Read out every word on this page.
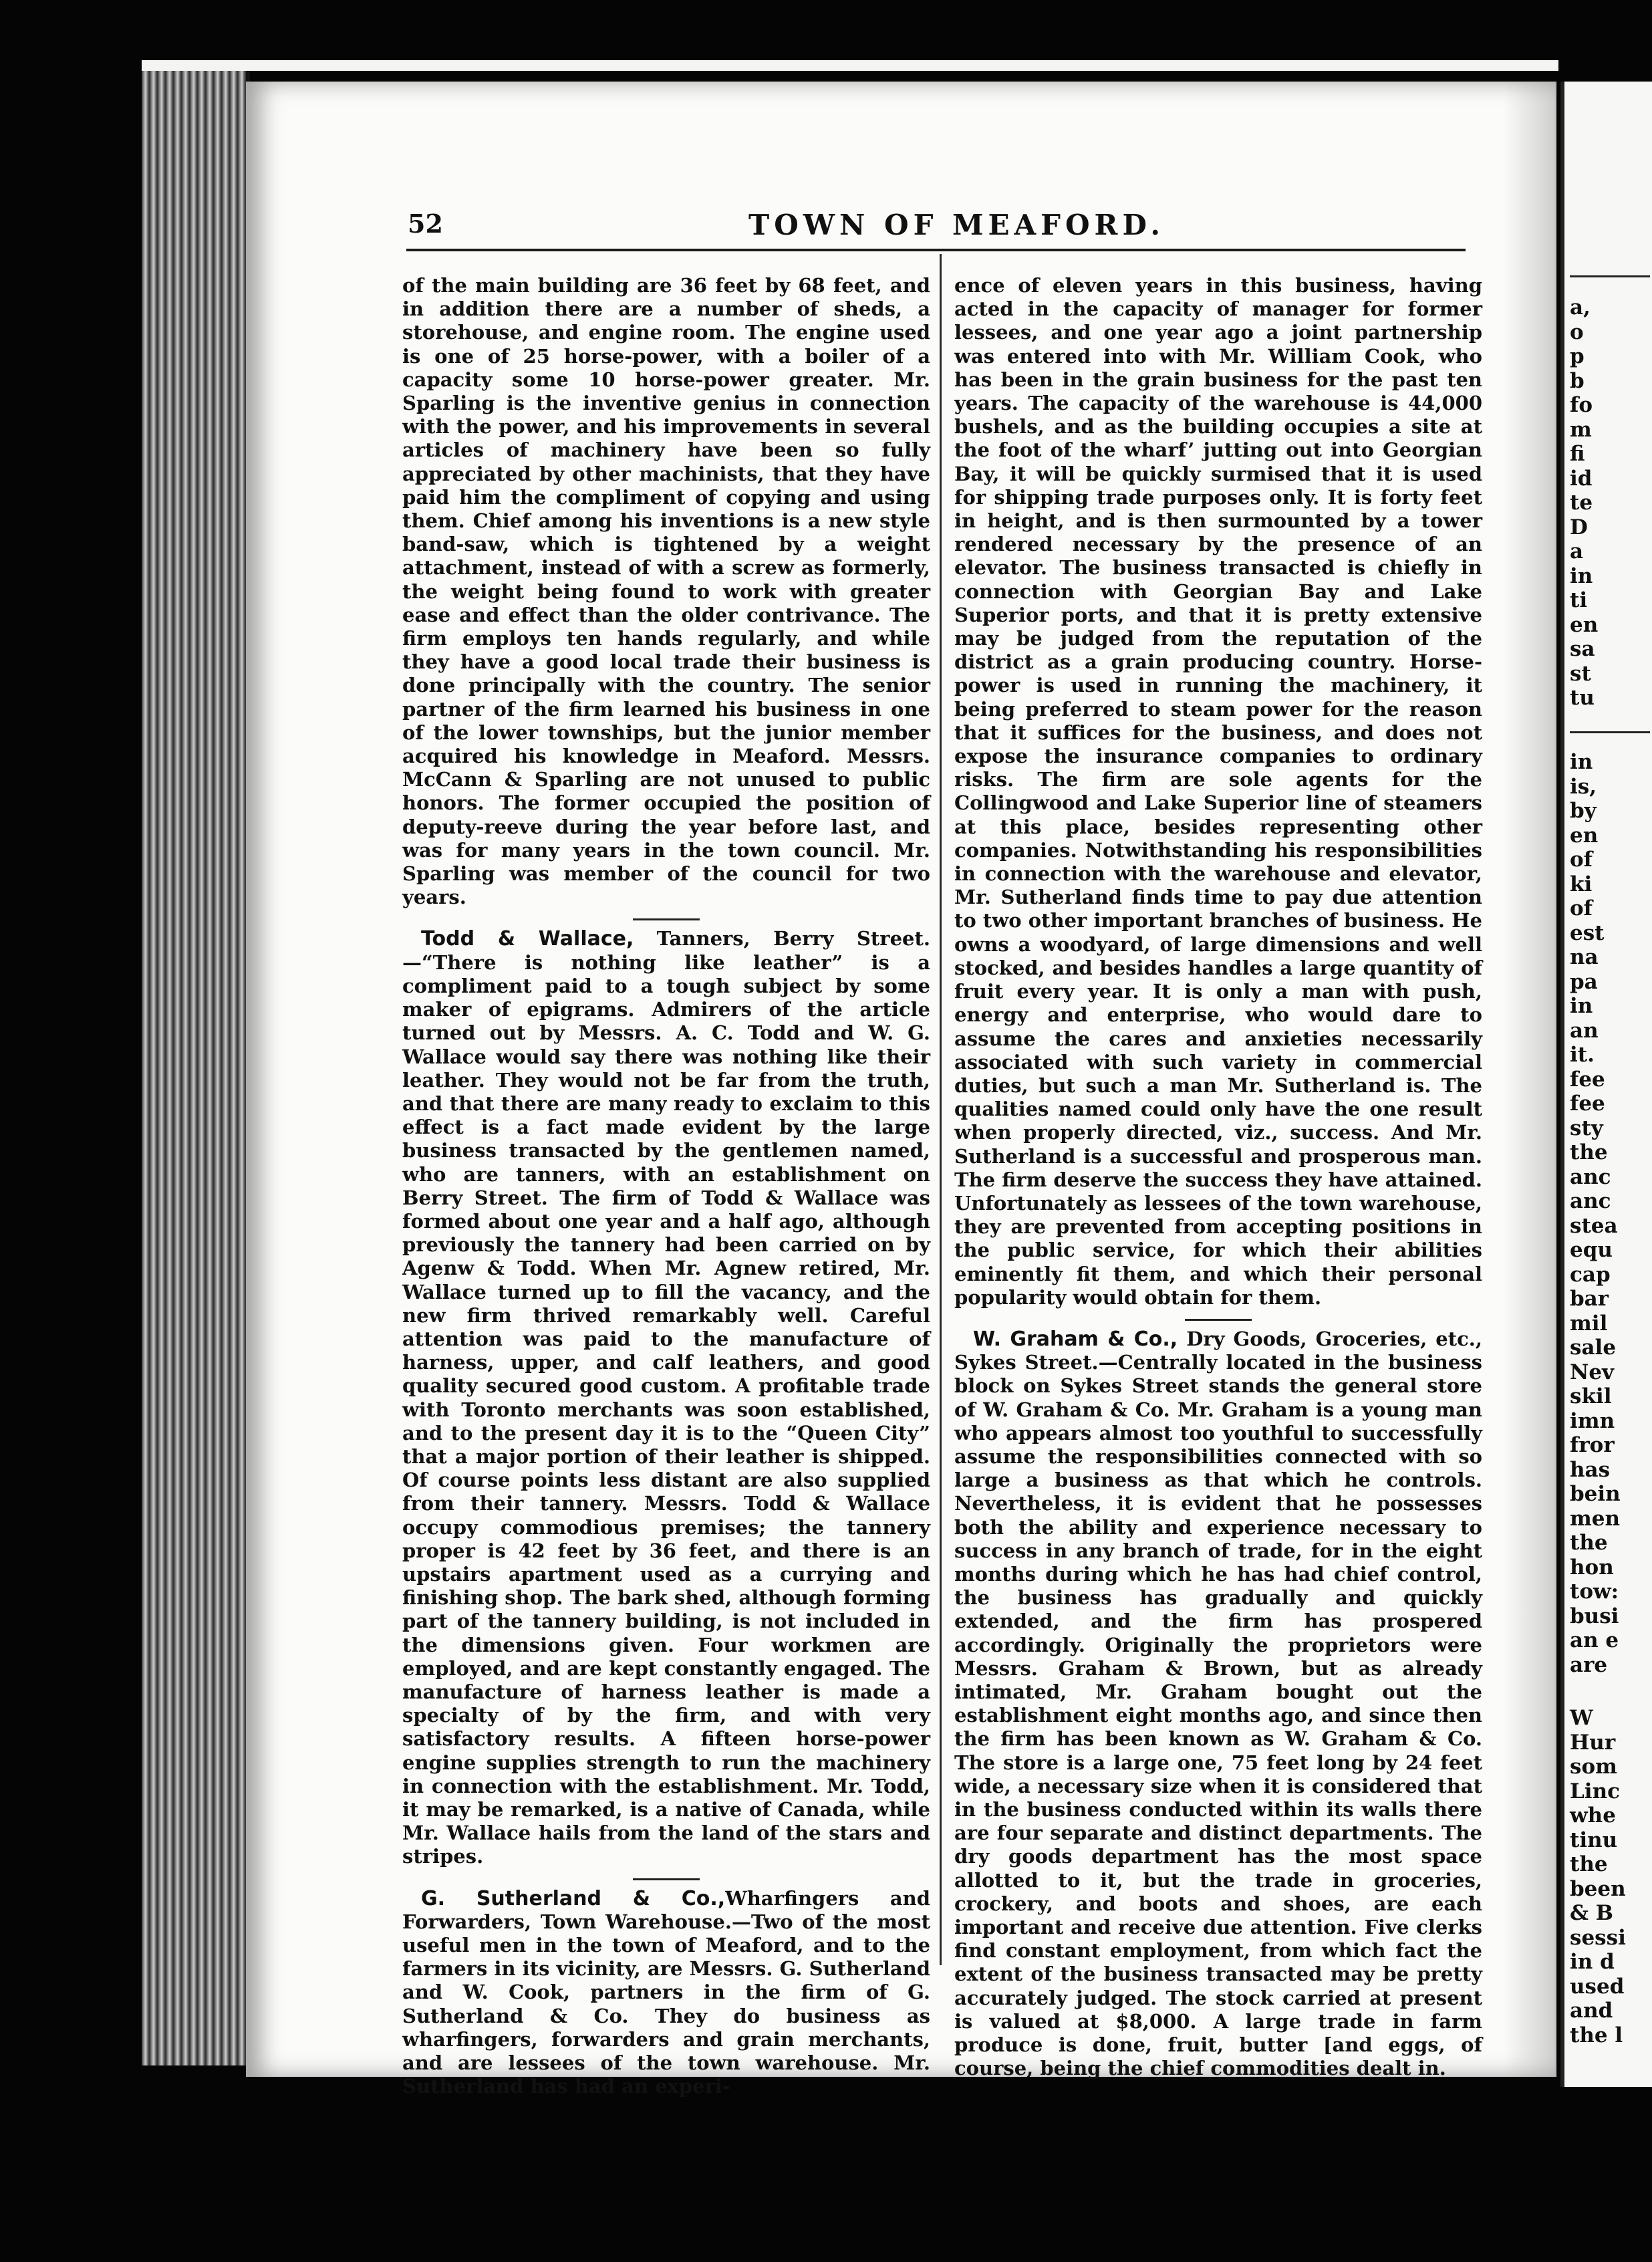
52	TOWN OF MEAFORD.

of the main building are 36 feet by 68 feet, and in addition there are a number of sheds, a storehouse, and engine room. The engine used is one of 25 horse-power, with a boiler of a capacity some 10 horse-power greater. Mr. Sparling is the inventive genius in connection with the power, and his improvements in several articles of machinery have been so fully appreciated by other machinists, that they have paid him the compliment of copying and using them. Chief among his inventions is a new style band-saw, which is tightened by a weight attachment, instead of with a screw as formerly, the weight being found to work with greater ease and effect than the older contrivance. The firm employs ten hands regularly, and while they have a good local trade their business is done principally with the country. The senior partner of the firm learned his business in one of the lower townships, but the junior member acquired his knowledge in Meaford. Messrs. McCann & Sparling are not unused to public honors. The former occupied the position of deputy-reeve during the year before last, and was for many years in the town council. Mr. Sparling was member of the council for two years.

Todd & Wallace, Tanners, Berry Street.—“There is nothing like leather” is a compliment paid to a tough subject by some maker of epigrams. Admirers of the article turned out by Messrs. A. C. Todd and W. G. Wallace would say there was nothing like their leather. They would not be far from the truth, and that there are many ready to exclaim to this effect is a fact made evident by the large business transacted by the gentlemen named, who are tanners, with an establishment on Berry Street. The firm of Todd & Wallace was formed about one year and a half ago, although previously the tannery had been carried on by Agenw & Todd. When Mr. Agnew retired, Mr. Wallace turned up to fill the vacancy, and the new firm thrived remarkably well. Careful attention was paid to the manufacture of harness, upper, and calf leathers, and good quality secured good custom. A profitable trade with Toronto merchants was soon established, and to the present day it is to the “Queen City” that a major portion of their leather is shipped. Of course points less distant are also supplied from their tannery. Messrs. Todd & Wallace occupy commodious premises; the tannery proper is 42 feet by 36 feet, and there is an upstairs apartment used as a currying and finishing shop. The bark shed, although forming part of the tannery building, is not included in the dimensions given. Four workmen are employed, and are kept constantly engaged. The manufacture of harness leather is made a specialty of by the firm, and with very satisfactory results. A fifteen horse-power engine supplies strength to run the machinery in connection with the establishment. Mr. Todd, it may be remarked, is a native of Canada, while Mr. Wallace hails from the land of the stars and stripes.

G. Sutherland & Co.,Wharfingers and Forwarders, Town Warehouse.—Two of the most useful men in the town of Meaford, and to the farmers in its vicinity, are Messrs. G. Sutherland and W. Cook, partners in the firm of G. Sutherland & Co. They do business as wharfingers, forwarders and grain merchants, and are lessees of the town warehouse. Mr. Sutherland has had an experi-

ence of eleven years in this business, having acted in the capacity of manager for former lessees, and one year ago a joint partnership was entered into with Mr. William Cook, who has been in the grain business for the past ten years. The capacity of the warehouse is 44,000 bushels, and as the building occupies a site at the foot of the wharf’ jutting out into Georgian Bay, it will be quickly surmised that it is used for shipping trade purposes only. It is forty feet in height, and is then surmounted by a tower rendered necessary by the presence of an elevator. The business transacted is chiefly in connection with Georgian Bay and Lake Superior ports, and that it is pretty extensive may be judged from the reputation of the district as a grain producing country. Horse-power is used in running the machinery, it being preferred to steam power for the reason that it suffices for the business, and does not expose the insurance companies to ordinary risks. The firm are sole agents for the Collingwood and Lake Superior line of steamers at this place, besides representing other companies. Notwithstanding his responsibilities in connection with the warehouse and elevator, Mr. Sutherland finds time to pay due attention to two other important branches of business. He owns a woodyard, of large dimensions and well stocked, and besides handles a large quantity of fruit every year. It is only a man with push, energy and enterprise, who would dare to assume the cares and anxieties necessarily associated with such variety in commercial duties, but such a man Mr. Sutherland is. The qualities named could only have the one result when properly directed, viz., success. And Mr. Sutherland is a successful and prosperous man. The firm deserve the success they have attained. Unfortunately as lessees of the town warehouse, they are prevented from accepting positions in the public service, for which their abilities eminently fit them, and which their personal popularity would obtain for them.

W. Graham & Co., Dry Goods, Groceries, etc., Sykes Street.—Centrally located in the business block on Sykes Street stands the general store of W. Graham & Co. Mr. Graham is a young man who appears almost too youthful to successfully assume the responsibilities connected with so large a business as that which he controls. Nevertheless, it is evident that he possesses both the ability and experience necessary to success in any branch of trade, for in the eight months during which he has had chief control, the business has gradually and quickly extended, and the firm has prospered accordingly. Originally the proprietors were Messrs. Graham & Brown, but as already intimated, Mr. Graham bought out the establishment eight months ago, and since then the firm has been known as W. Graham & Co. The store is a large one, 75 feet long by 24 feet wide, a necessary size when it is considered that in the business conducted within its walls there are four separate and distinct departments. The dry goods department has the most space allotted to it, but the trade in groceries, crockery, and boots and shoes, are each important and receive due attention. Five clerks find constant employment, from which fact the extent of the business transacted may be pretty accurately judged. The stock carried at present is valued at $8,000. A large trade in farm produce is done, fruit, butter [and eggs, of course, being the chief commodities dealt in.

a,
o
p
b
fo
m
fi
id
te
D
a
in
ti
en
sa
st
tu
in
is,
by
en
of
ki
of
est
na
pa
in
an
it.
fee
fee
sty
the
anc
anc
stea
equ
cap
bar
mil
sale
Nev
skil
imn
fror
has
bein
men
the
hon
tow:
busi
an e
are
W
Hur
som
Linc
whe
tinu
the
been
& B
sessi
in d
used
and
the l
